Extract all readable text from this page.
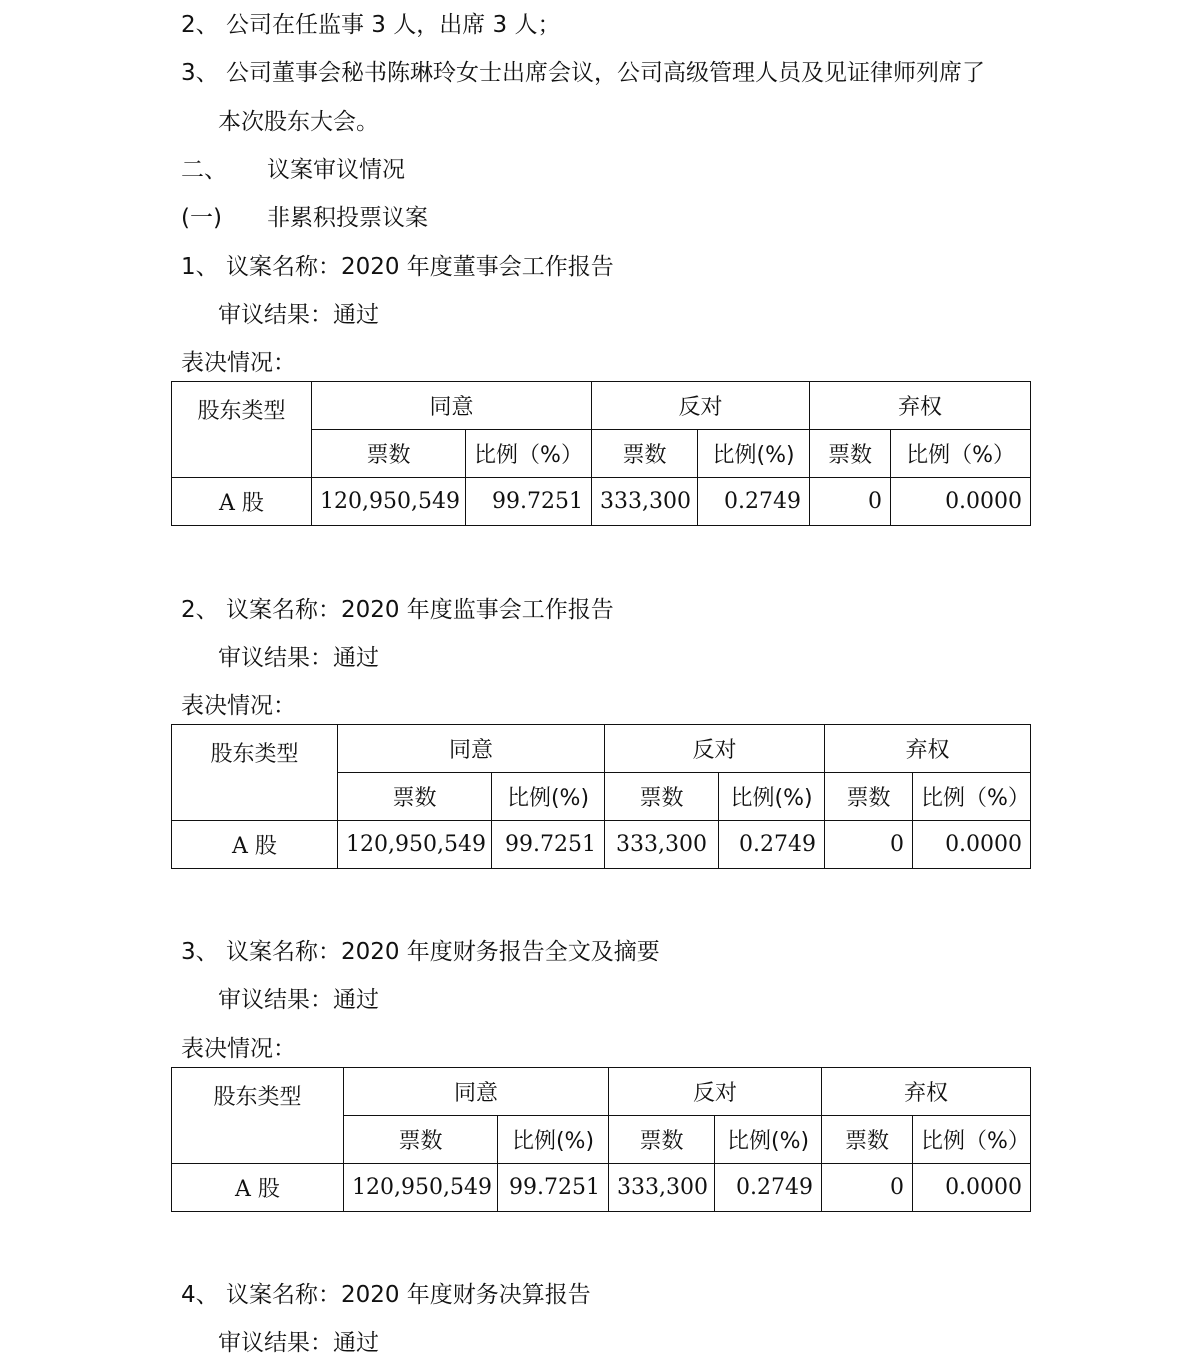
2、 公司在任监事 3 人，出席 3 人；
3、 公司董事会秘书陈琳玲女士出席会议，公司高级管理人员及见证律师列席了
本次股东大会。
二、 议案审议情况
(一) 非累积投票议案
1、 议案名称：2020 年度董事会工作报告
审议结果：通过
表决情况：
股东类型	同意		反对		弃权	
	票数	比例（%）	票数	比例(%)	票数	比例（%）
A 股	120,950,549	99.7251	333,300	0.2749	0	0.0000
2、 议案名称：2020 年度监事会工作报告
审议结果：通过
表决情况：
股东类型	同意		反对		弃权	
	票数	比例(%)	票数	比例(%)	票数	比例（%）
A 股	120,950,549	99.7251	333,300	0.2749	0	0.0000
3、 议案名称：2020 年度财务报告全文及摘要
审议结果：通过
表决情况：
股东类型	同意		反对		弃权	
	票数	比例(%)	票数	比例(%)	票数	比例（%）
A 股	120,950,549	99.7251	333,300	0.2749	0	0.0000
4、 议案名称：2020 年度财务决算报告
审议结果：通过
